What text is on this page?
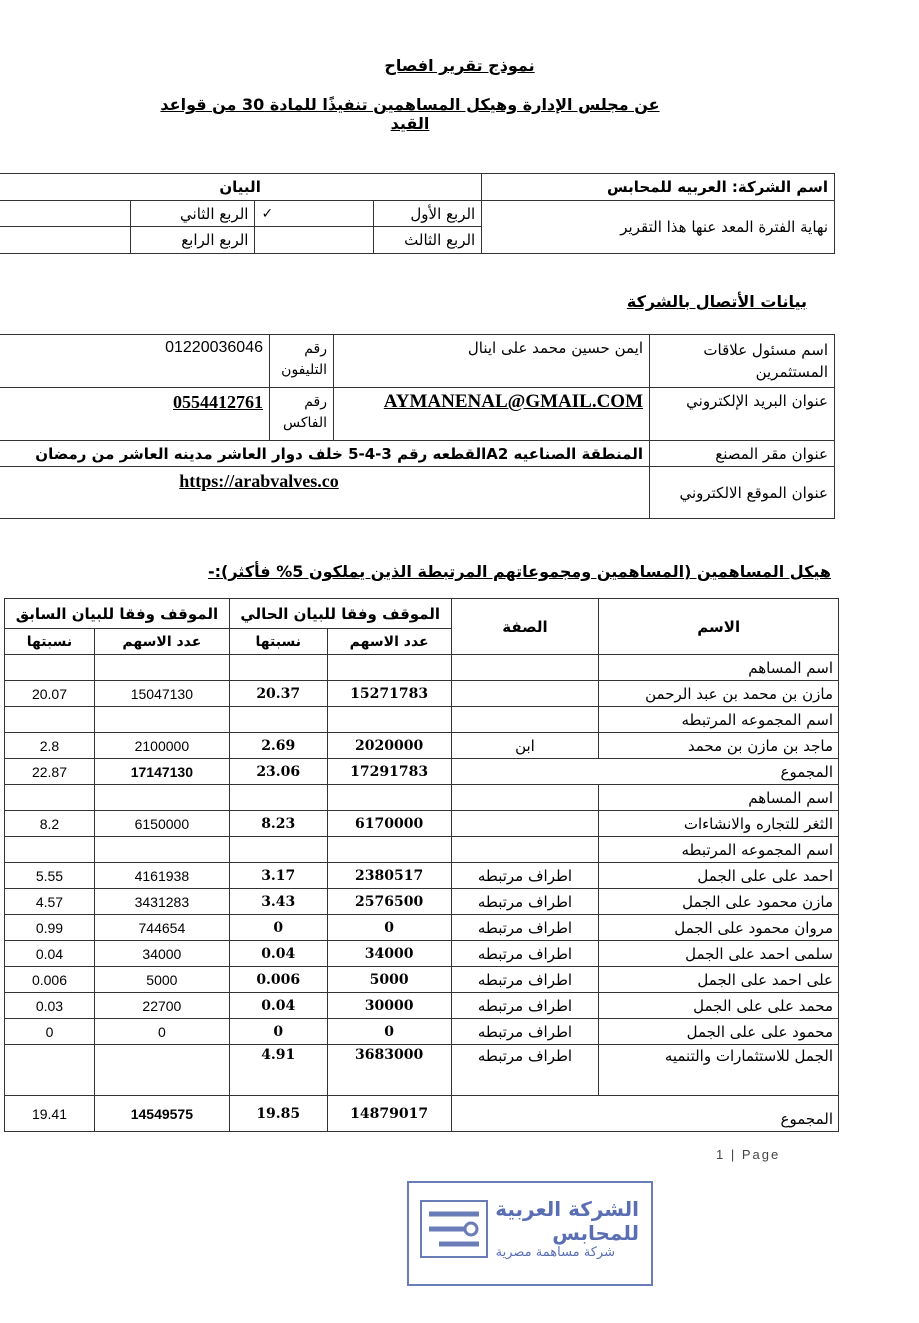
نموذج تقرير افصاح
عن مجلس الإدارة وهيكل المساهمين تنفيذًا للمادة 30 من قواعد القيد
اسم الشركة: العربيه للمحابس	البيان			
نهاية الفترة المعد عنها هذا التقرير	الربع الأول	✓	الربع الثاني	
	الربع الثالث		الربع الرابع	
بيانات الأتصال بالشركة
اسم مسئول علاقات المستثمرين	ايمن حسين محمد على اينال	رقم التليفون	01220036046
عنوان البريد الإلكتروني	AYMANENAL@GMAIL.COM	رقم الفاكس	0554412761
عنوان مقر المصنع	المنطقة الصناعيه A2القطعه رقم 3-4-5 خلف دوار العاشر مدينه العاشر من رمضان		
عنوان الموقع الالكتروني	https://arabvalves.co		
هيكل المساهمين (المساهمين ومجموعاتهم المرتبطة الذين يملكون 5% فأكثر):-
الاسم	الصفة	الموقف وفقا للبيان الحالي		الموقف وفقا للبيان السابق	
		عدد الاسهم	نسبتها	عدد الاسهم	نسبتها
اسم المساهم					
مازن بن محمد بن عبد الرحمن		15271783	20.37	15047130	20.07
اسم المجموعه المرتبطه					
ماجد بن مازن بن محمد	ابن	2020000	2.69	2100000	2.8
المجموع		17291783	23.06	17147130	22.87
اسم المساهم					
الثغر للتجاره والانشاءات		6170000	8.23	6150000	8.2
اسم المجموعه المرتبطه					
احمد على على الجمل	اطراف مرتبطه	2380517	3.17	4161938	5.55
مازن محمود على الجمل	اطراف مرتبطه	2576500	3.43	3431283	4.57
مروان محمود على الجمل	اطراف مرتبطه	0	0	744654	0.99
سلمى احمد على الجمل	اطراف مرتبطه	34000	0.04	34000	0.04
على احمد على الجمل	اطراف مرتبطه	5000	0.006	5000	0.006
محمد على على الجمل	اطراف مرتبطه	30000	0.04	22700	0.03
محمود على على الجمل	اطراف مرتبطه	0	0	0	0
الجمل للاستثمارات والتنميه	اطراف مرتبطه	3683000	4.91		
المجموع		14879017	19.85	14549575	19.41
1 | Page
الشركة العربية للمحابس
شركة مساهمة مصرية
